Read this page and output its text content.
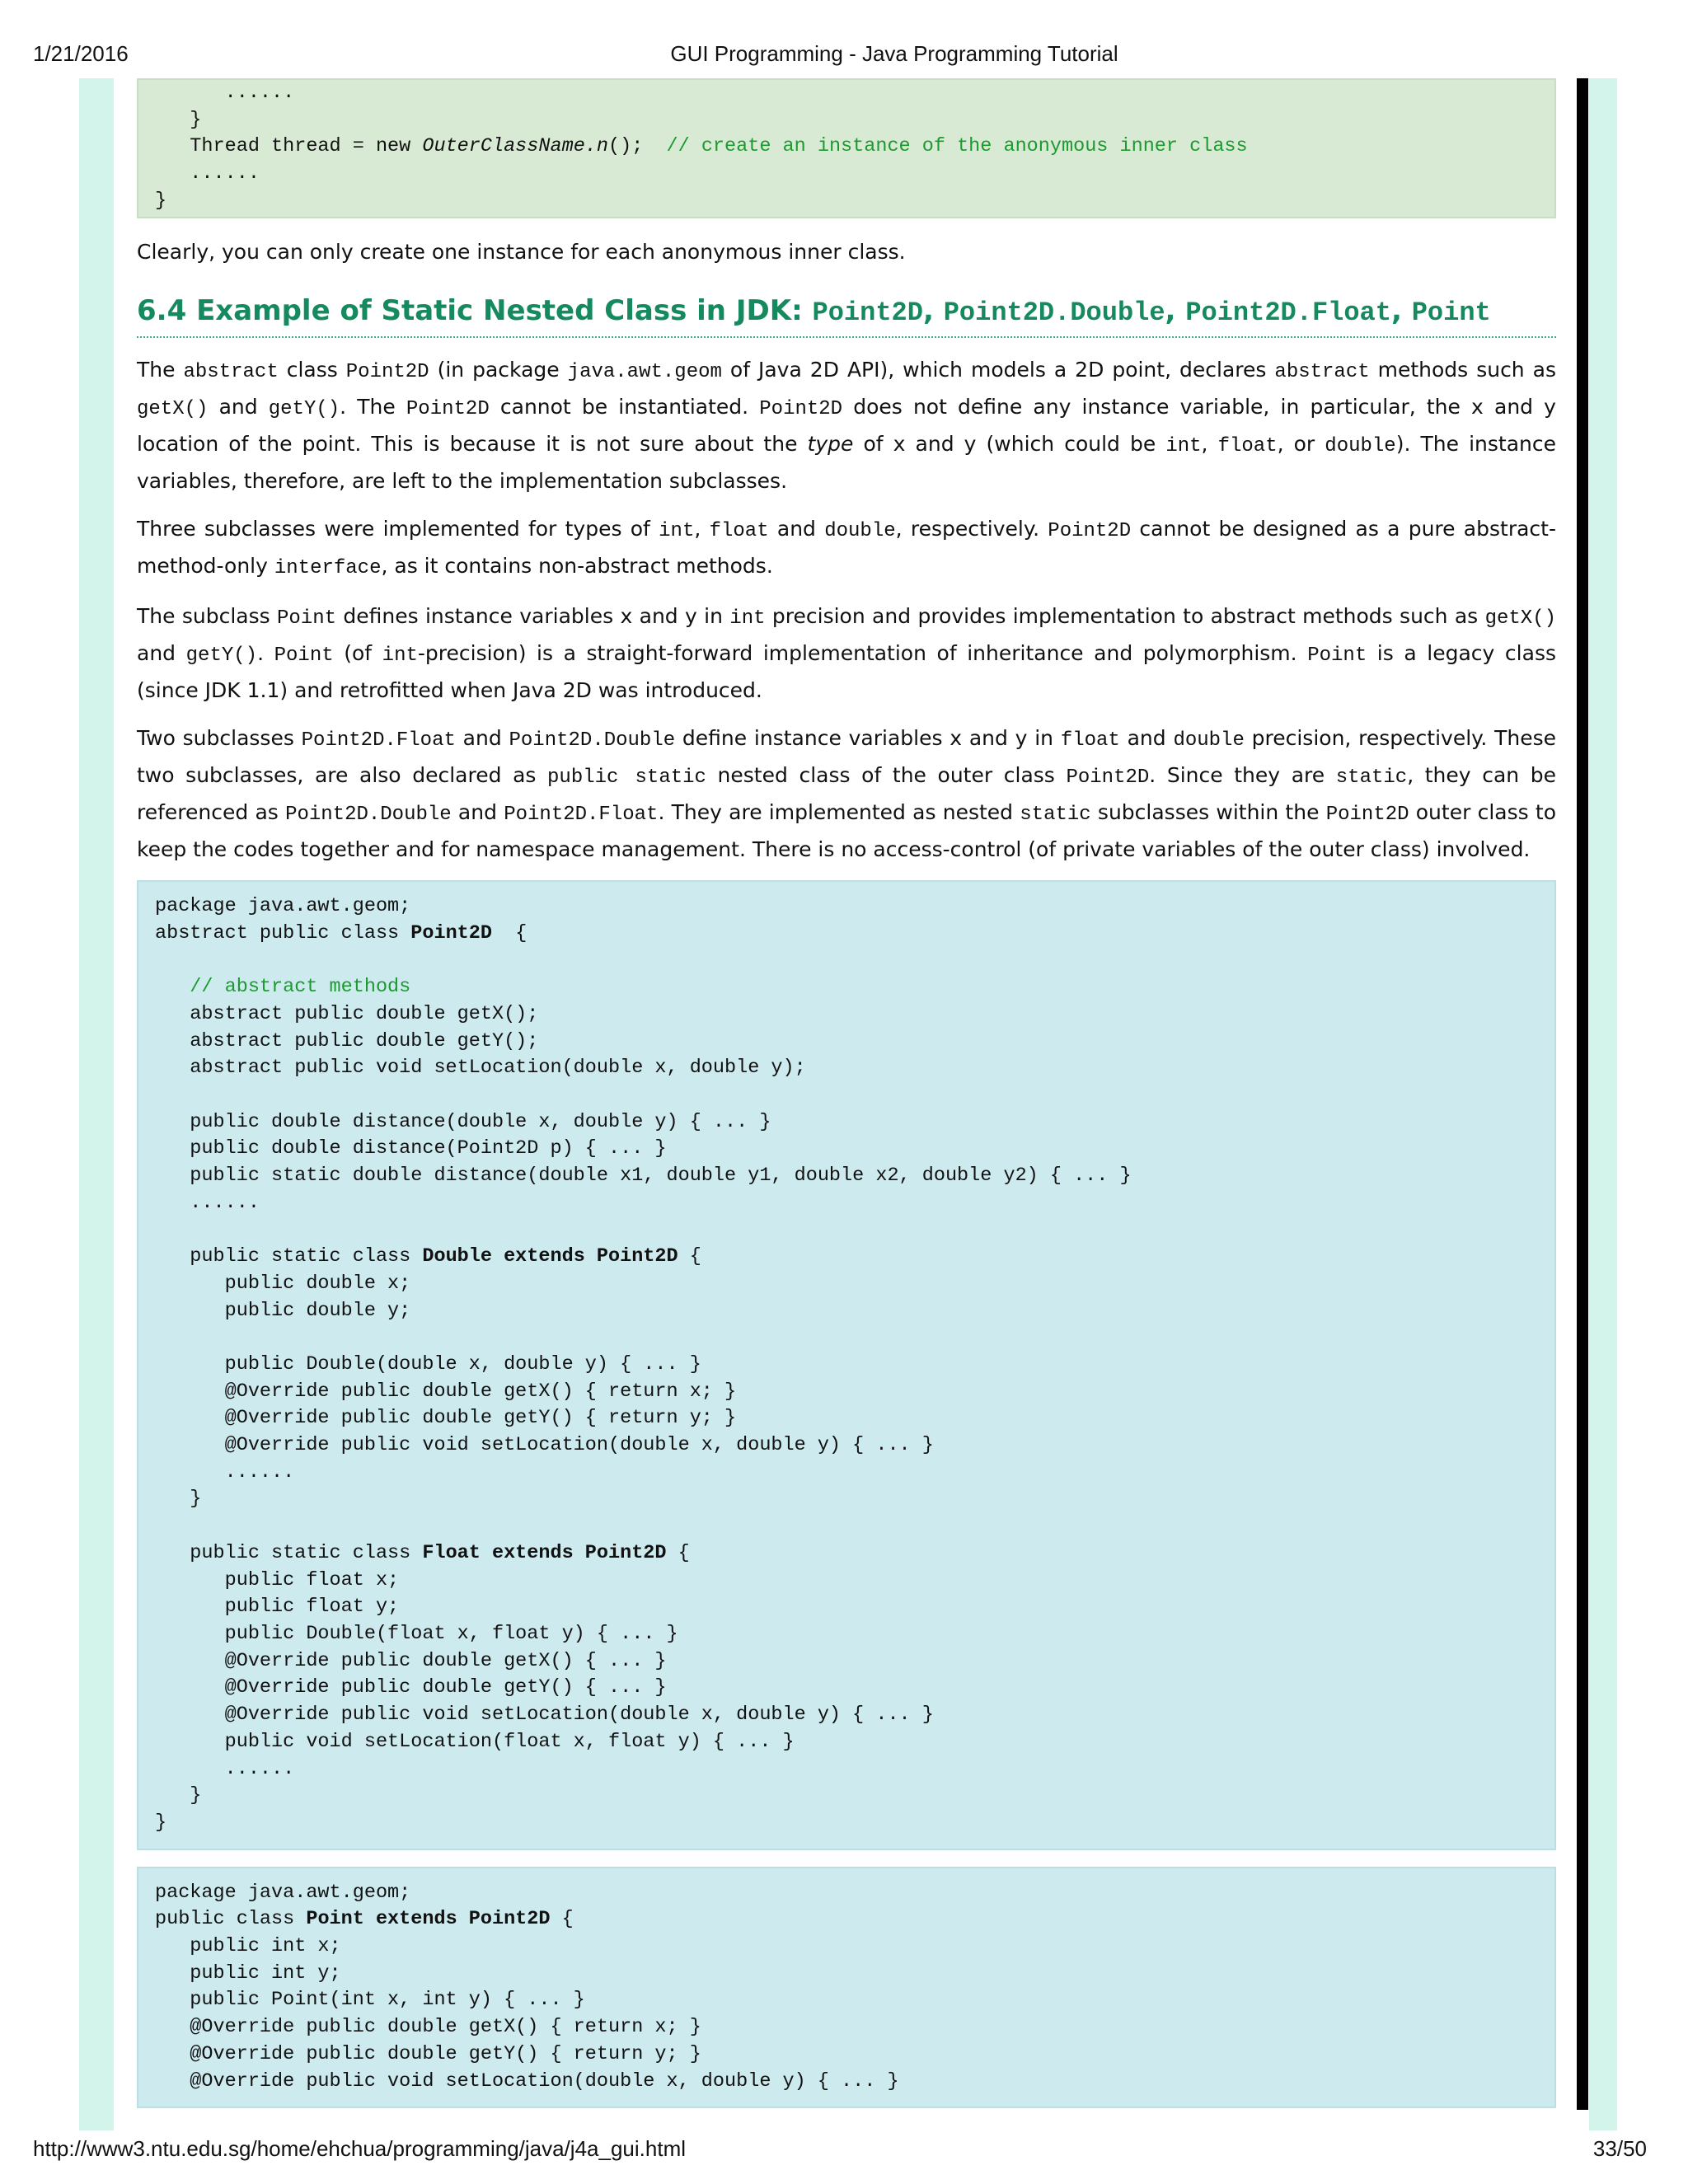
1/21/2016	GUI Programming - Java Programming Tutorial
......
}
Thread thread = new OuterClassName.n();  // create an instance of the anonymous inner class
......
}

Clearly, you can only create one instance for each anonymous inner class.

6.4 Example of Static Nested Class in JDK: Point2D, Point2D.Double, Point2D.Float, Point

The abstract class Point2D (in package java.awt.geom of Java 2D API), which models a 2D point, declares abstract methods such as getX() and getY(). The Point2D cannot be instantiated. Point2D does not define any instance variable, in particular, the x and y location of the point. This is because it is not sure about the type of x and y (which could be int, float, or double). The instance variables, therefore, are left to the implementation subclasses.

Three subclasses were implemented for types of int, float and double, respectively. Point2D cannot be designed as a pure abstract-method-only interface, as it contains non-abstract methods.

The subclass Point defines instance variables x and y in int precision and provides implementation to abstract methods such as getX() and getY(). Point (of int-precision) is a straight-forward implementation of inheritance and polymorphism. Point is a legacy class (since JDK 1.1) and retrofitted when Java 2D was introduced.

Two subclasses Point2D.Float and Point2D.Double define instance variables x and y in float and double precision, respectively. These two subclasses, are also declared as public static nested class of the outer class Point2D. Since they are static, they can be referenced as Point2D.Double and Point2D.Float. They are implemented as nested static subclasses within the Point2D outer class to keep the codes together and for namespace management. There is no access-control (of private variables of the outer class) involved.

package java.awt.geom;
abstract public class Point2D  {

// abstract methods
abstract public double getX();
abstract public double getY();
abstract public void setLocation(double x, double y);

public double distance(double x, double y) { ... }
public double distance(Point2D p) { ... }
public static double distance(double x1, double y1, double x2, double y2) { ... }
......

public static class Double extends Point2D {
public double x;
public double y;

public Double(double x, double y) { ... }
@Override public double getX() { return x; }
@Override public double getY() { return y; }
@Override public void setLocation(double x, double y) { ... }
......
}

public static class Float extends Point2D {
public float x;
public float y;
public Double(float x, float y) { ... }
@Override public double getX() { ... }
@Override public double getY() { ... }
@Override public void setLocation(double x, double y) { ... }
public void setLocation(float x, float y) { ... }
......
}
}
package java.awt.geom;
public class Point extends Point2D {
public int x;
public int y;
public Point(int x, int y) { ... }
@Override public double getX() { return x; }
@Override public double getY() { return y; }
@Override public void setLocation(double x, double y) { ... }
http://www3.ntu.edu.sg/home/ehchua/programming/java/j4a_gui.html	33/50
